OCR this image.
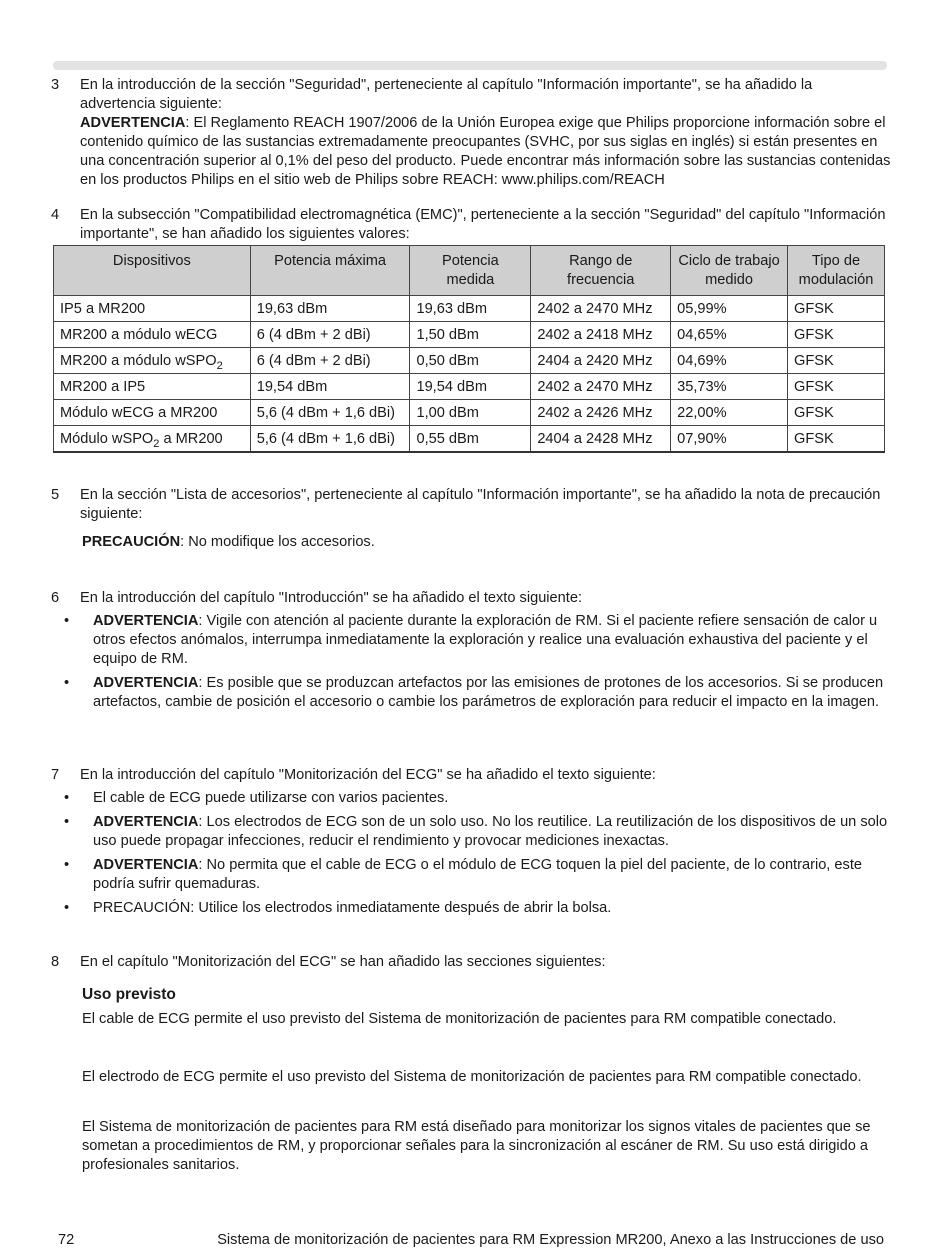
3	En la introducción de la sección "Seguridad", perteneciente al capítulo "Información importante", se ha añadido la advertencia siguiente:

ADVERTENCIA: El Reglamento REACH 1907/2006 de la Unión Europea exige que Philips proporcione información sobre el contenido químico de las sustancias extremadamente preocupantes (SVHC, por sus siglas en inglés) si están presentes en una concentración superior al 0,1% del peso del producto. Puede encontrar más información sobre las sustancias contenidas en los productos Philips en el sitio web de Philips sobre REACH: www.philips.com/REACH

4	En la subsección "Compatibilidad electromagnética (EMC)", perteneciente a la sección "Seguridad" del capítulo "Información importante", se han añadido los siguientes valores:

Dispositivos	Potencia máxima	Potencia medida	Rango de frecuencia	Ciclo de trabajo medido	Tipo de modulación
IP5 a MR200	19,63 dBm	19,63 dBm	2402 a 2470 MHz	05,99%	GFSK
MR200 a módulo wECG	6 (4 dBm + 2 dBi)	1,50 dBm	2402 a 2418 MHz	04,65%	GFSK
MR200 a módulo wSPO$_2$	6 (4 dBm + 2 dBi)	0,50 dBm	2404 a 2420 MHz	04,69%	GFSK
MR200 a IP5	19,54 dBm	19,54 dBm	2402 a 2470 MHz	35,73%	GFSK
Módulo wECG a MR200	5,6 (4 dBm + 1,6 dBi)	1,00 dBm	2402 a 2426 MHz	22,00%	GFSK
Módulo wSPO$_2$ a MR200	5,6 (4 dBm + 1,6 dBi)	0,55 dBm	2404 a 2428 MHz	07,90%	GFSK
5	En la sección "Lista de accesorios", perteneciente al capítulo "Información importante", se ha añadido la nota de precaución siguiente:

PRECAUCIÓN: No modifique los accesorios.

6	En la introducción del capítulo "Introducción" se ha añadido el texto siguiente:

• ADVERTENCIA: Vigile con atención al paciente durante la exploración de RM. Si el paciente refiere sensación de calor u otros efectos anómalos, interrumpa inmediatamente la exploración y realice una evaluación exhaustiva del paciente y el equipo de RM.
• ADVERTENCIA: Es posible que se produzcan artefactos por las emisiones de protones de los accesorios. Si se producen artefactos, cambie de posición el accesorio o cambie los parámetros de exploración para reducir el impacto en la imagen.
7	En la introducción del capítulo "Monitorización del ECG" se ha añadido el texto siguiente:

• El cable de ECG puede utilizarse con varios pacientes.
• ADVERTENCIA: Los electrodos de ECG son de un solo uso. No los reutilice. La reutilización de los dispositivos de un solo uso puede propagar infecciones, reducir el rendimiento y provocar mediciones inexactas.
• ADVERTENCIA: No permita que el cable de ECG o el módulo de ECG toquen la piel del paciente, de lo contrario, este podría sufrir quemaduras.
• PRECAUCIÓN: Utilice los electrodos inmediatamente después de abrir la bolsa.
8	En el capítulo "Monitorización del ECG" se han añadido las secciones siguientes:

Uso previsto

El cable de ECG permite el uso previsto del Sistema de monitorización de pacientes para RM compatible conectado.

El electrodo de ECG permite el uso previsto del Sistema de monitorización de pacientes para RM compatible conectado.

El Sistema de monitorización de pacientes para RM está diseñado para monitorizar los signos vitales de pacientes que se sometan a procedimientos de RM, y proporcionar señales para la sincronización al escáner de RM. Su uso está dirigido a profesionales sanitarios.

72	Sistema de monitorización de pacientes para RM Expression MR200, Anexo a las Instrucciones de uso
